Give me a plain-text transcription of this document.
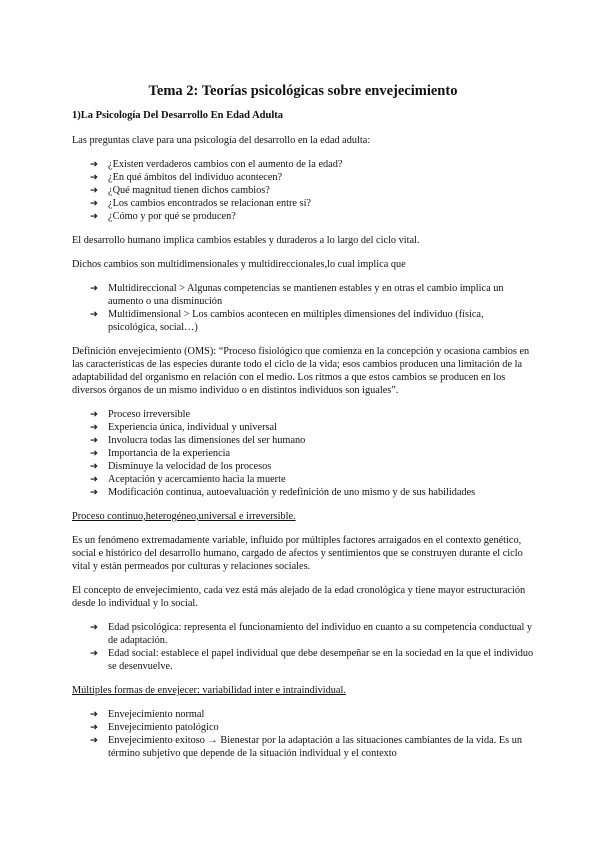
Tema 2: Teorías psicológicas sobre envejecimiento
1)La Psicología Del Desarrollo En Edad Adulta

Las preguntas clave para una psicología del desarrollo en la edad adulta:

➔ ¿Existen verdaderos cambios con el aumento de la edad?
➔ ¿En qué ámbitos del individuo acontecen?
➔ ¿Qué magnitud tienen dichos cambios?
➔ ¿Los cambios encontrados se relacionan entre sí?
➔ ¿Cómo y por qué se producen?

El desarrollo humano implica cambios estables y duraderos a lo largo del ciclo vital.

Dichos cambios son multidimensionales y multidireccionales,lo cual implica que

➔ Multidireccional > Algunas competencias se mantienen estables y en otras el cambio implica un aumento o una disminución
➔ Multidimensional > Los cambios acontecen en múltiples dimensiones del individuo (física, psicológica, social…)

Definición envejecimiento (OMS): “Proceso fisiológico que comienza en la concepción y ocasiona cambios en las características de las especies durante todo el ciclo de la vida; esos cambios producen una limitación de la adaptabilidad del organismo en relación con el medio. Los ritmos a que estos cambios se producen en los diversos órganos de un mismo individuo o en distintos individuos son iguales”.

➔ Proceso irreversible
➔ Experiencia única, individual y universal
➔ Involucra todas las dimensiones del ser humano
➔ Importancia de la experiencia
➔ Disminuye la velocidad de los procesos
➔ Aceptación y acercamiento hacia la muerte
➔ Modificación continua, autoevaluación y redefinición de uno mismo y de sus habilidades

Proceso continuo,heterogéneo,universal e irreversible.

Es un fenómeno extremadamente variable, influido por múltiples factores arraigados en el contexto genético, social e histórico del desarrollo humano, cargado de afectos y sentimientos que se construyen durante el ciclo vital y están permeados por culturas y relaciones sociales.

El concepto de envejecimiento, cada vez está más alejado de la edad cronológica y tiene mayor estructuración desde lo individual y lo social.

➔ Edad psicológica: representa el funcionamiento del individuo en cuanto a su competencia conductual y de adaptación.
➔ Edad social: establece el papel individual que debe desempeñar se en la sociedad en la que el individuo se desenvuelve.

Múltiples formas de envejecer: variabilidad inter e intraindividual.

➔ Envejecimiento normal
➔ Envejecimiento patológico
➔ Envejecimiento exitoso → Bienestar por la adaptación a las situaciones cambiantes de la vida. Es un término subjetivo que depende de la situación individual y el contexto
